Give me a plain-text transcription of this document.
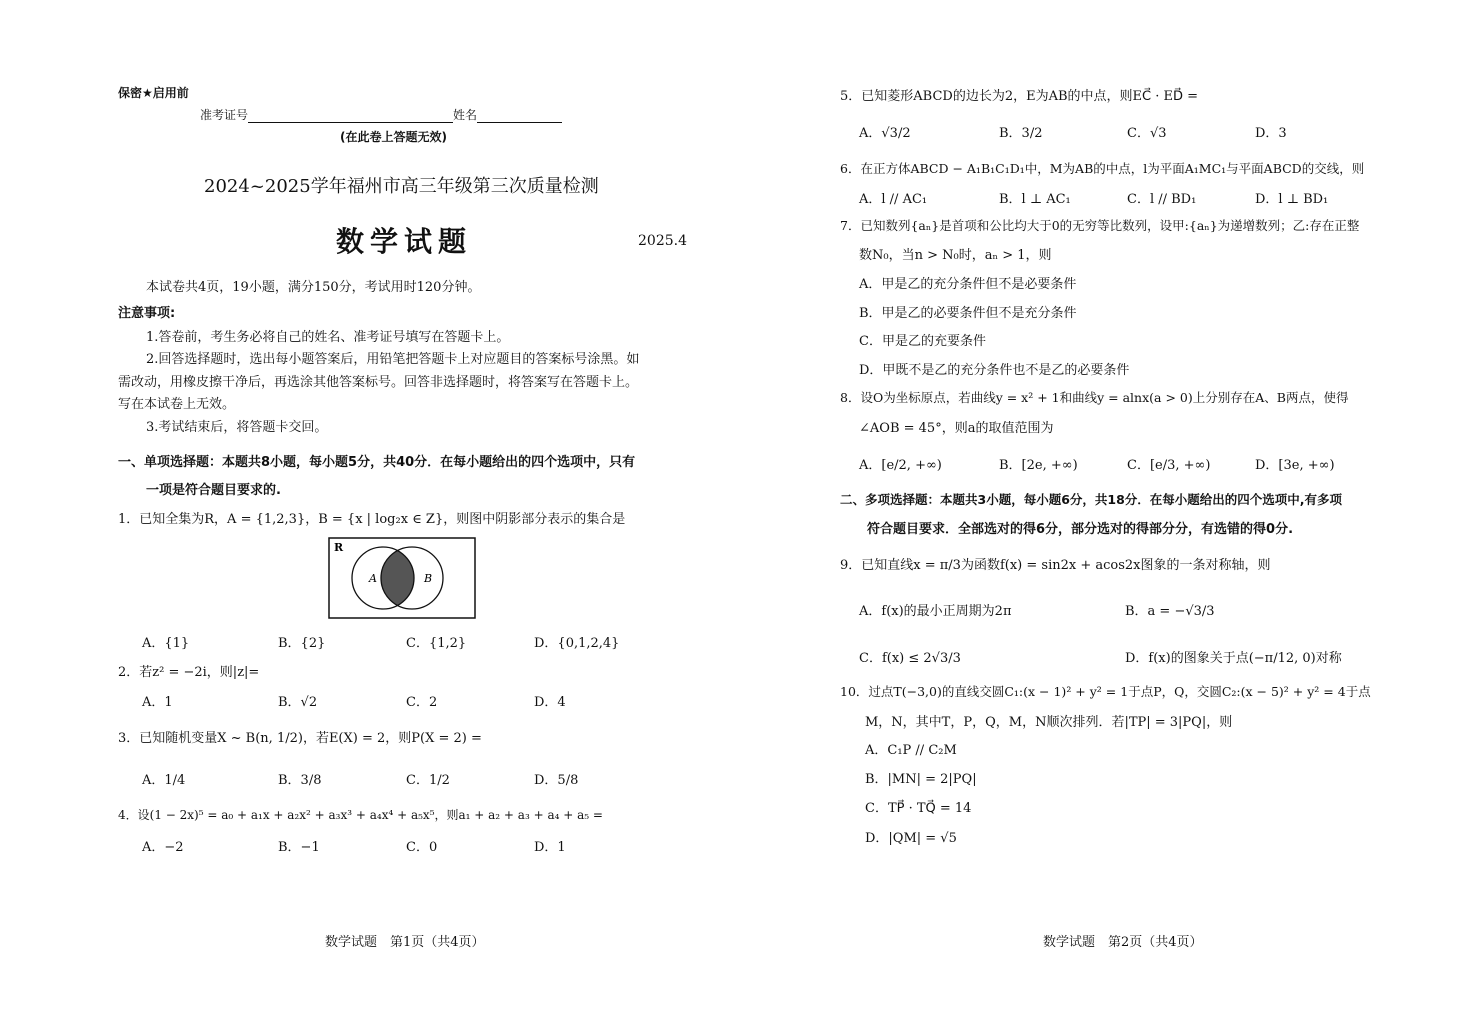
保密★启用前
准考证号	姓名
(在此卷上答题无效)
2024~2025学年福州市高三年级第三次质量检测
数学试题	2025.4
本试卷共4页，19小题，满分150分，考试用时120分钟。
注意事项:
1.答卷前，考生务必将自己的姓名、准考证号填写在答题卡上。
2.回答选择题时，选出每小题答案后，用铅笔把答题卡上对应题目的答案标号涂黑。如
需改动，用橡皮擦干净后，再选涂其他答案标号。回答非选择题时，将答案写在答题卡上。
写在本试卷上无效。
3.考试结束后，将答题卡交回。
一、单项选择题：本题共8小题，每小题5分，共40分．在每小题给出的四个选项中，只有
一项是符合题目要求的.
1．已知全集为R，A = {1,2,3}，B = {x | log₂x ∈ Z}，则图中阴影部分表示的集合是
R
A	B
A．{1}	B．{2}	C．{1,2}	D．{0,1,2,4}
2．若z² = −2i，则|z|=
A．1	B．√2	C．2	D．4
3．已知随机变量X ~ B(n, 1/2)，若E(X) = 2，则P(X = 2) =
A．1/4	B．3/8	C．1/2	D．5/8
4．设(1 − 2x)⁵ = a₀ + a₁x + a₂x² + a₃x³ + a₄x⁴ + a₅x⁵，则a₁ + a₂ + a₃ + a₄ + a₅ =
A．−2	B．−1	C．0	D．1
数学试题　第1页（共4页）
5．已知菱形ABCD的边长为2，E为AB的中点，则EC⃗ · ED⃗ =
A．√3/2	B．3/2	C．√3	D．3
6．在正方体ABCD − A₁B₁C₁D₁中，M为AB的中点，l为平面A₁MC₁与平面ABCD的交线，则
A．l // AC₁	B．l ⊥ AC₁	C．l // BD₁	D．l ⊥ BD₁
7．已知数列{aₙ}是首项和公比均大于0的无穷等比数列，设甲:{aₙ}为递增数列；乙:存在正整
数N₀，当n > N₀时，aₙ > 1，则
A．甲是乙的充分条件但不是必要条件
B．甲是乙的必要条件但不是充分条件
C．甲是乙的充要条件
D．甲既不是乙的充分条件也不是乙的必要条件
8．设O为坐标原点，若曲线y = x² + 1和曲线y = alnx(a > 0)上分别存在A、B两点，使得
∠AOB = 45°，则a的取值范围为
A．[e/2, +∞)	B．[2e, +∞)	C．[e/3, +∞)	D．[3e, +∞)
二、多项选择题：本题共3小题，每小题6分，共18分．在每小题给出的四个选项中,有多项
符合题目要求．全部选对的得6分，部分选对的得部分分，有选错的得0分.
9．已知直线x = π/3为函数f(x) = sin2x + acos2x图象的一条对称轴，则
A．f(x)的最小正周期为2π	B．a = −√3/3
C．f(x) ≤ 2√3/3	D．f(x)的图象关于点(−π/12, 0)对称
10．过点T(−3,0)的直线交圆C₁:(x − 1)² + y² = 1于点P，Q，交圆C₂:(x − 5)² + y² = 4于点
M，N，其中T，P，Q，M，N顺次排列．若|TP| = 3|PQ|，则
A．C₁P // C₂M
B．|MN| = 2|PQ|
C．TP⃗ · TQ⃗ = 14
D．|QM| = √5
数学试题　第2页（共4页）
